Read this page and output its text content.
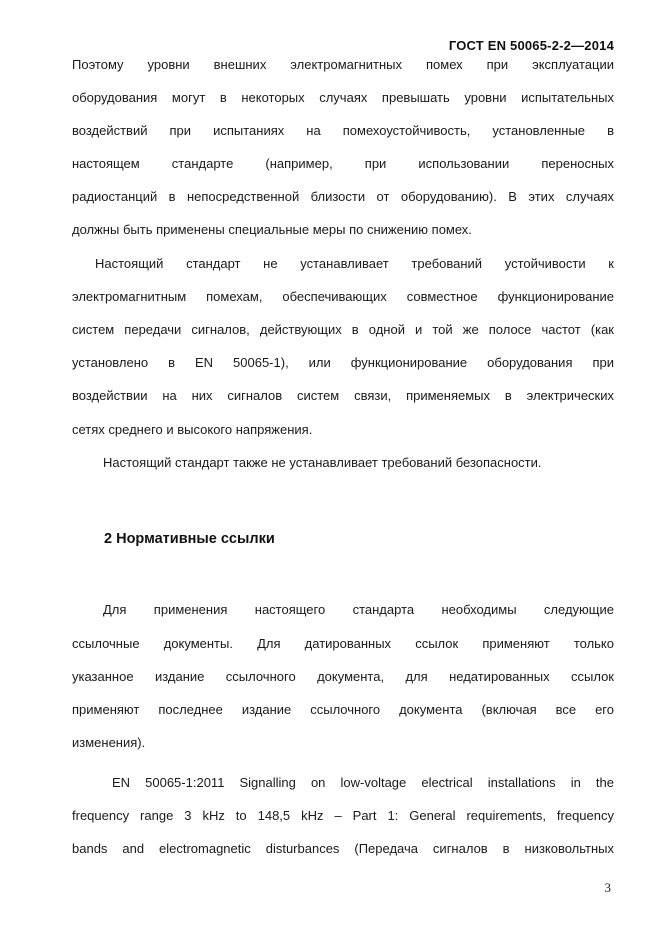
ГОСТ EN 50065-2-2—2014
Поэтому уровни внешних электромагнитных помех при эксплуатации
оборудования могут в некоторых случаях превышать уровни испытательных
воздействий при испытаниях на помехоустойчивость, установленные в
настоящем стандарте (например, при использовании переносных
радиостанций в непосредственной близости от оборудованию). В этих случаях
должны быть применены специальные меры по снижению помех.
Настоящий стандарт не устанавливает требований устойчивости к
электромагнитным помехам, обеспечивающих совместное функционирование
систем передачи сигналов, действующих в одной и той же полосе частот (как
установлено в EN 50065-1), или функционирование оборудования при
воздействии на них сигналов систем связи, применяемых в электрических
сетях среднего и высокого напряжения.
Настоящий стандарт также не устанавливает требований безопасности.
2 Нормативные ссылки
Для применения настоящего стандарта необходимы следующие
ссылочные документы. Для датированных ссылок применяют только
указанное издание ссылочного документа, для недатированных ссылок
применяют последнее издание ссылочного документа (включая все его
изменения).
EN 50065-1:2011 Signalling on low-voltage electrical installations in the
frequency range 3 kHz to 148,5 kHz – Part 1: General requirements, frequency
bands and electromagnetic disturbances (Передача сигналов в низковольтных
3
